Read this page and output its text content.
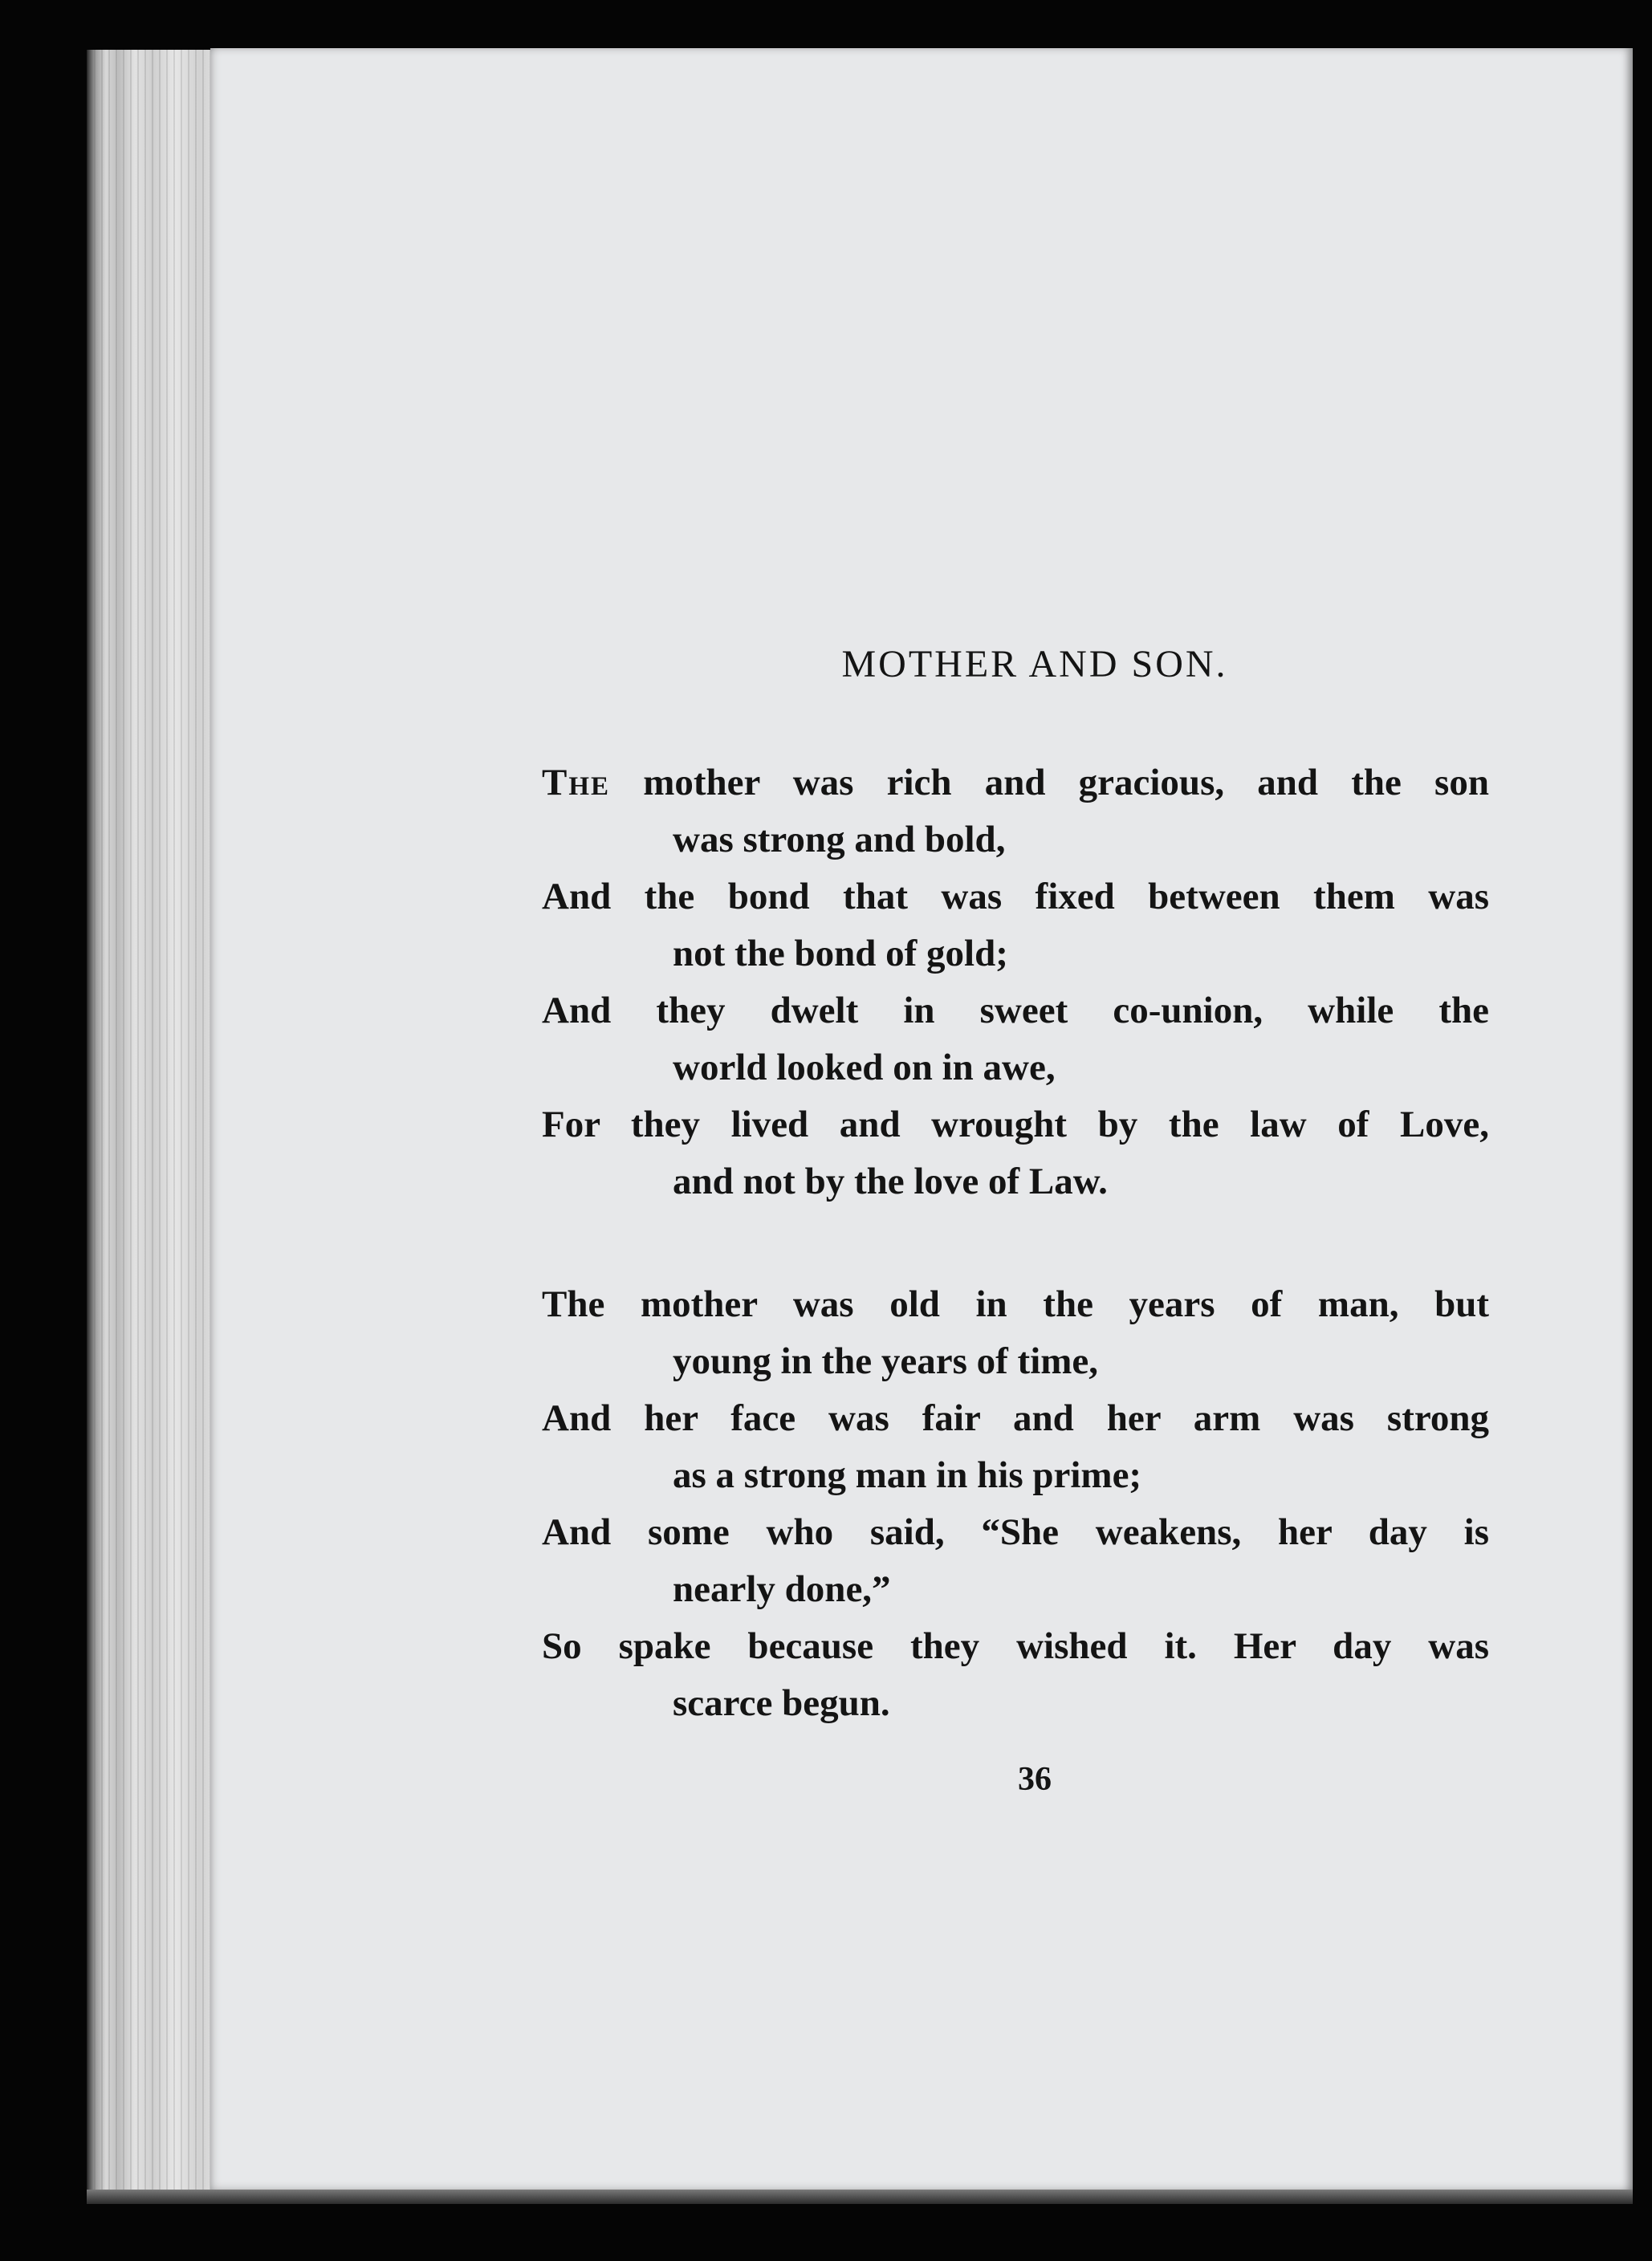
MOTHER AND SON.
The mother was rich and gracious, and the son
was strong and bold,
And the bond that was fixed between them was
not the bond of gold;
And they dwelt in sweet co-union, while the
world looked on in awe,
For they lived and wrought by the law of Love,
and not by the love of Law.
The mother was old in the years of man, but
young in the years of time,
And her face was fair and her arm was strong
as a strong man in his prime;
And some who said, “She weakens, her day is
nearly done,”
So spake because they wished it. Her day was
scarce begun.
36
